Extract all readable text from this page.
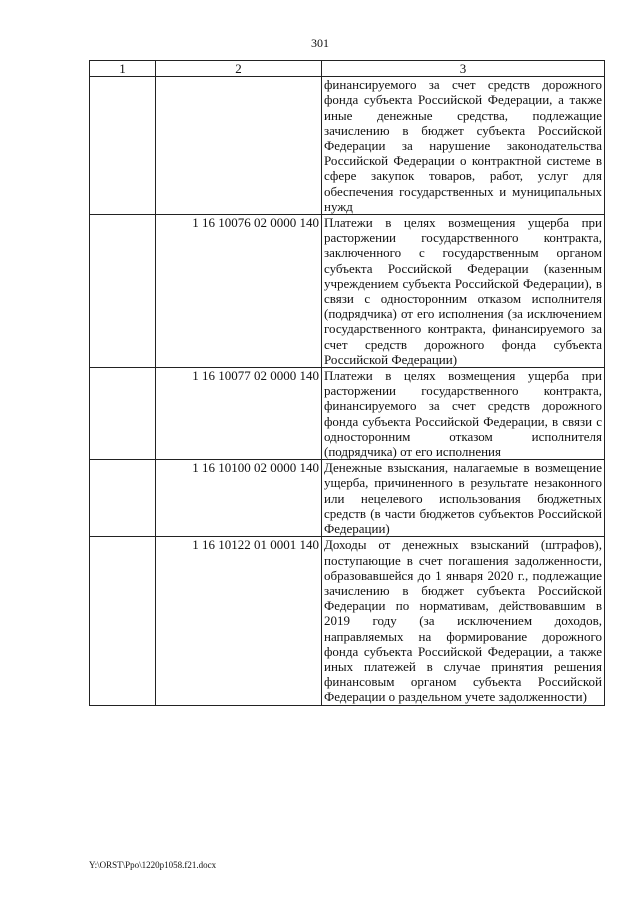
301
1	2	3
		финансируемого за счет средств дорожного фонда субъекта Российской Федерации, а также иные денежные средства, подлежащие зачислению в бюджет субъекта Российской Федерации за нарушение законодательства Российской Федерации о контрактной системе в сфере закупок товаров, работ, услуг для обеспечения государственных и муниципальных нужд
	1 16 10076 02 0000 140	Платежи в целях возмещения ущерба при расторжении государственного контракта, заключенного с государственным органом субъекта Российской Федерации (казенным учреждением субъекта Российской Федерации), в связи с односторонним отказом исполнителя (подрядчика) от его исполнения (за исключением государственного контракта, финансируемого за счет средств дорожного фонда субъекта Российской Федерации)
	1 16 10077 02 0000 140	Платежи в целях возмещения ущерба при расторжении государственного контракта, финансируемого за счет средств дорожного фонда субъекта Российской Федерации, в связи с односторонним отказом исполнителя (подрядчика) от его исполнения
	1 16 10100 02 0000 140	Денежные взыскания, налагаемые в возмещение ущерба, причиненного в результате незаконного или нецелевого использования бюджетных средств (в части бюджетов субъектов Российской Федерации)
	1 16 10122 01 0001 140	Доходы от денежных взысканий (штрафов), поступающие в счет погашения задолженности, образовавшейся до 1 января 2020 г., подлежащие зачислению в бюджет субъекта Российской Федерации по нормативам, действовавшим в 2019 году (за исключением доходов, направляемых на формирование дорожного фонда субъекта Российской Федерации, а также иных платежей в случае принятия решения финансовым органом субъекта Российской Федерации о раздельном учете задолженности)
Y:\ORST\Ppo\1220p1058.f21.docx
